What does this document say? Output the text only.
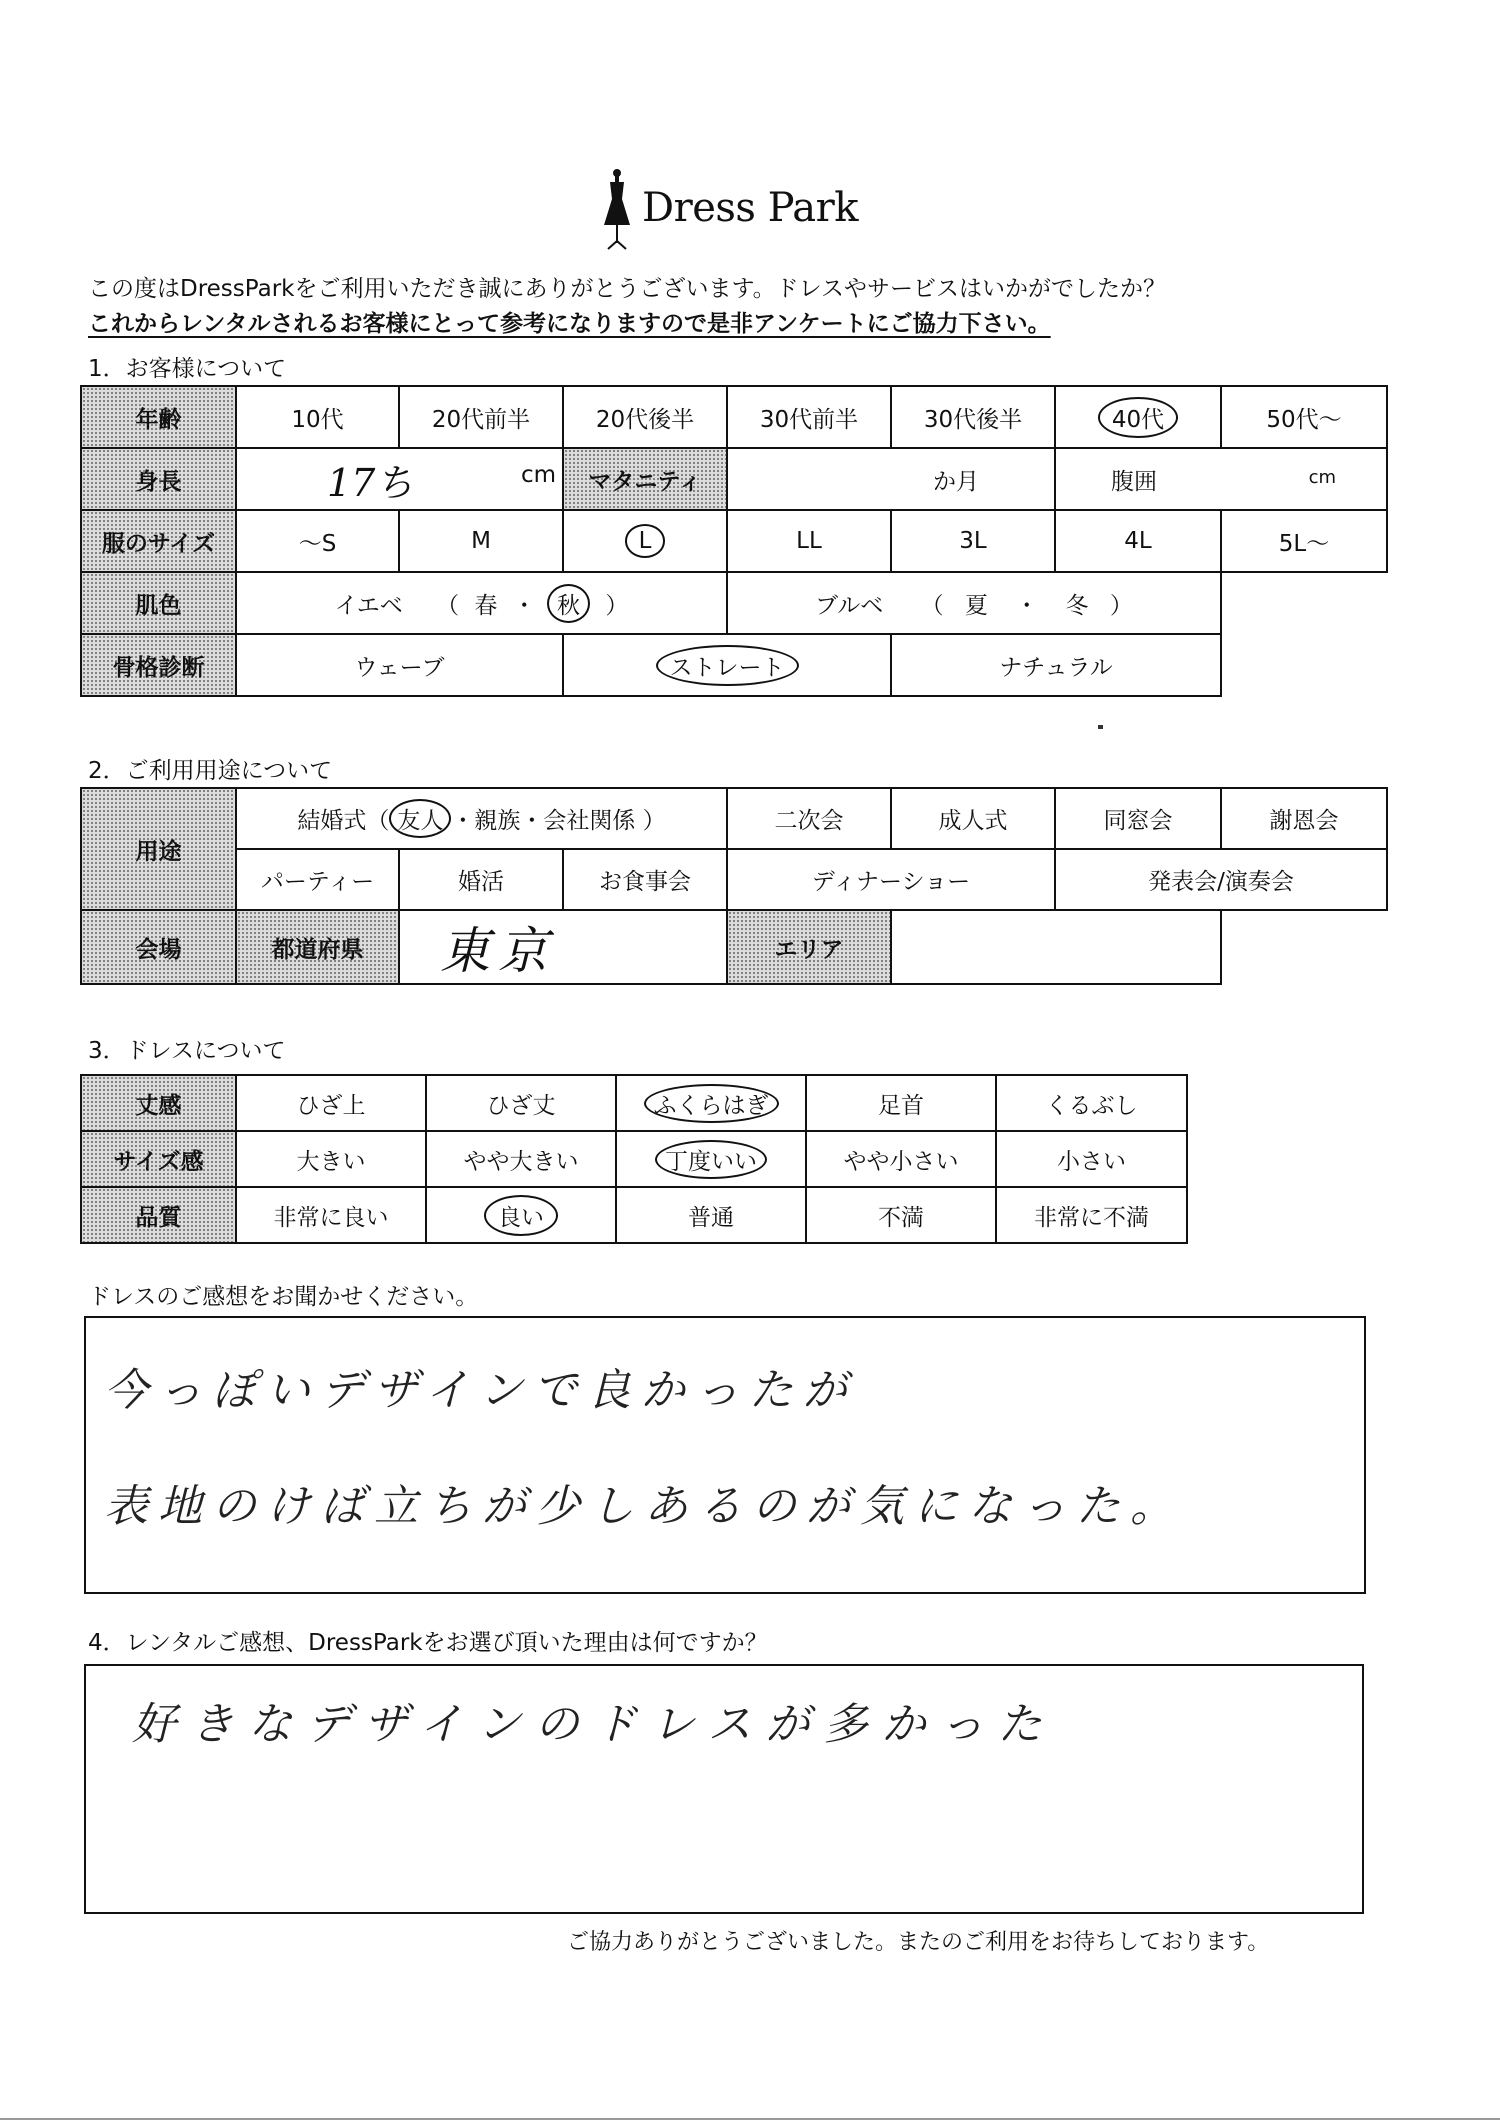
Dress Park
この度はDressParkをご利用いただき誠にありがとうございます。ドレスやサービスはいかがでしたか？
これからレンタルされるお客様にとって参考になりますので是非アンケートにご協力下さい。
1．お客様について
年齢	10代	20代前半	20代後半	30代前半	30代後半	40代	50代～
身長	17ち cm		マタニティ	か月		腹囲 cm	

服のサイズ	～S	M	L	LL	3L	4L	5L～
肌色	イエベ （ 春 ・ 秋 ）			ブルベ （ 夏 ・ 冬 ）			
骨格診断	ウェーブ		ストレート		ナチュラル		
2．ご利用用途について
用途	結婚式（ 友人 ・親族・会社関係 ）			二次会	成人式	同窓会	謝恩会
	パーティー	婚活	お食事会	ディナーショー		発表会/演奏会	
会場	都道府県	東京		エリア			
3．ドレスについて
丈感	ひざ上	ひざ丈	ふくらはぎ	足首	くるぶし
サイズ感	大きい	やや大きい	丁度いい	やや小さい	小さい
品質	非常に良い	良い	普通	不満	非常に不満
ドレスのご感想をお聞かせください。
今っぽいデザインで良かったが
表地のけば立ちが少しあるのが気になった。
4．レンタルご感想、DressParkをお選び頂いた理由は何ですか？
好きなデザインのドレスが多かった
ご協力ありがとうございました。またのご利用をお待ちしております。
